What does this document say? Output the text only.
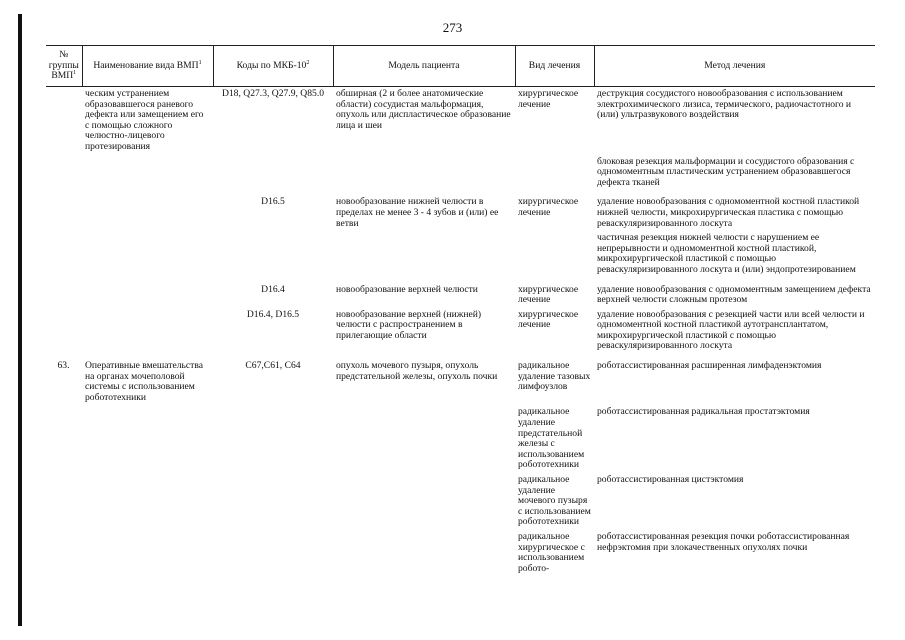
273
№ группы ВМП$^1$	Наименование вида ВМП$^1$	Коды по МКБ-$10^2$	Модель пациента	Вид лечения	Метод лечения
	ческим устранением образовавшегося раневого дефекта или замещением его с помощью сложного челюстно-лицевого протезирования	D18, Q27.3, Q27.9, Q85.0	обширная (2 и более анатомические области) сосудистая мальформация, опухоль или диспластическое образование лица и шеи	хирургическое лечение	деструкция сосудистого новообразования с использованием электрохимического лизиса, термического, радиочастотного и (или) ультразвукового воздействия
					блоковая резекция мальформации и сосудистого образования с одномоментным пластическим устранением образовавшегося дефекта тканей
		D16.5	новообразование нижней челюсти в пределах не менее 3 - 4 зубов и (или) ее ветви	хирургическое лечение	удаление новообразования с одномоментной костной пластикой нижней челюсти, микрохирургическая пластика с помощью реваскуляризированного лоскута
					частичная резекция нижней челюсти с нарушением ее непрерывности и одномоментной костной пластикой, микрохирургической пластикой с помощью реваскуляризированного лоскута и (или) эндопротезированием
		D16.4	новообразование верхней челюсти	хирургическое лечение	удаление новообразования с одномоментным замещением дефекта верхней челюсти сложным протезом
		D16.4, D16.5	новообразование верхней (нижней) челюсти с распространением в прилегающие области	хирургическое лечение	удаление новообразования с резекцией части или всей челюсти и одномоментной костной пластикой аутотрансплантатом, микрохирургической пластикой с помощью реваскуляризированного лоскута
63.	Оперативные вмешательства на органах мочеполовой системы с использованием робототехники	C67,C61, C64	опухоль мочевого пузыря, опухоль предстательной железы, опухоль почки	радикальное удаление тазовых лимфоузлов	роботассистированная расширенная лимфаденэктомия
				радикальное удаление предстательной железы с использованием робототехники	роботассистированная радикальная простатэктомия
				радикальное удаление мочевого пузыря с использованием робототехники	роботассистированная цистэктомия
				радикальное хирургическое с использованием робото-	роботассистированная резекция почки роботассистированная нефрэктомия при злокачественных опухолях почки
